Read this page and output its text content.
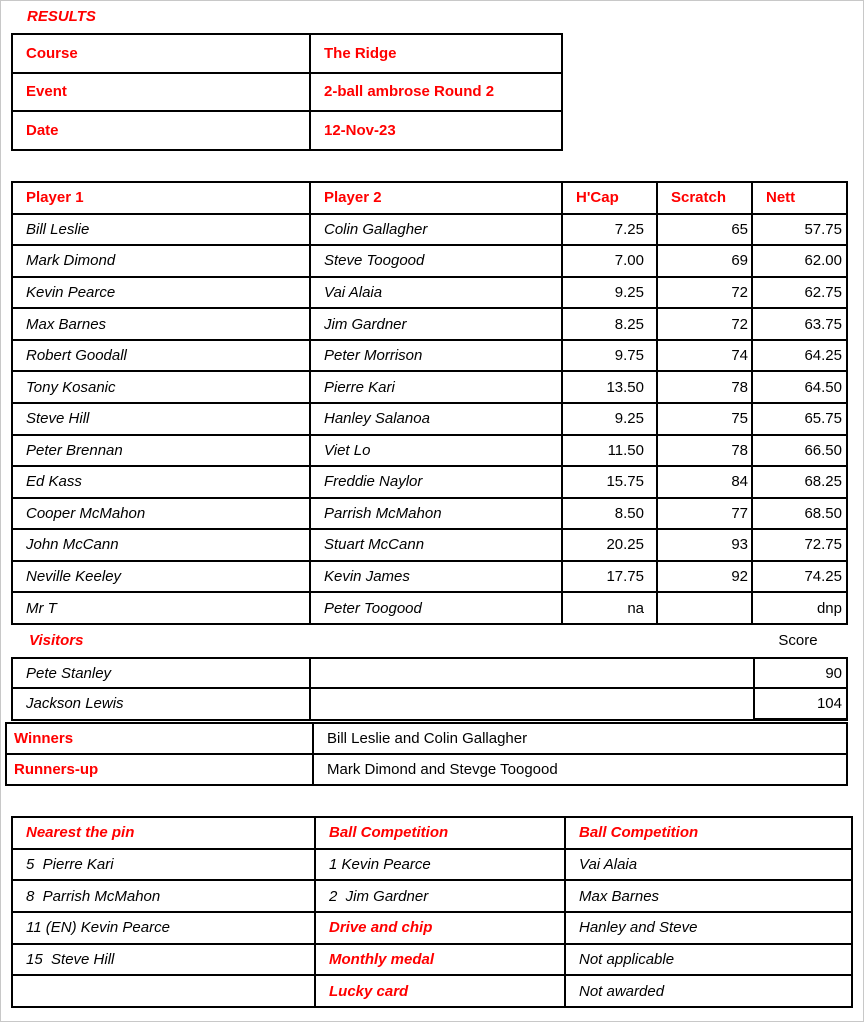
RESULTS
Course	The Ridge
Event	2-ball ambrose Round 2
Date	12-Nov-23
Player 1	Player 2	H'Cap	Scratch	Nett
Bill Leslie	Colin Gallagher	7.25	65	57.75
Mark Dimond	Steve Toogood	7.00	69	62.00
Kevin Pearce	Vai Alaia	9.25	72	62.75
Max Barnes	Jim Gardner	8.25	72	63.75
Robert Goodall	Peter Morrison	9.75	74	64.25
Tony Kosanic	Pierre Kari	13.50	78	64.50
Steve Hill	Hanley Salanoa	9.25	75	65.75
Peter Brennan	Viet Lo	11.50	78	66.50
Ed Kass	Freddie Naylor	15.75	84	68.25
Cooper McMahon	Parrish McMahon	8.50	77	68.50
John McCann	Stuart McCann	20.25	93	72.75
Neville Keeley	Kevin James	17.75	92	74.25
Mr T	Peter Toogood	na		dnp
Visitors	Score
Pete Stanley		90
Jackson Lewis		104
Winners	Bill Leslie and Colin Gallagher
Runners-up	Mark Dimond and Stevge Toogood
Nearest the pin	Ball Competition	Ball Competition
5  Pierre Kari	1 Kevin Pearce	Vai Alaia
8  Parrish McMahon	2  Jim Gardner	Max Barnes
11 (EN) Kevin Pearce	Drive and chip	Hanley and Steve
15  Steve Hill	Monthly medal	Not applicable
	Lucky card	Not awarded
